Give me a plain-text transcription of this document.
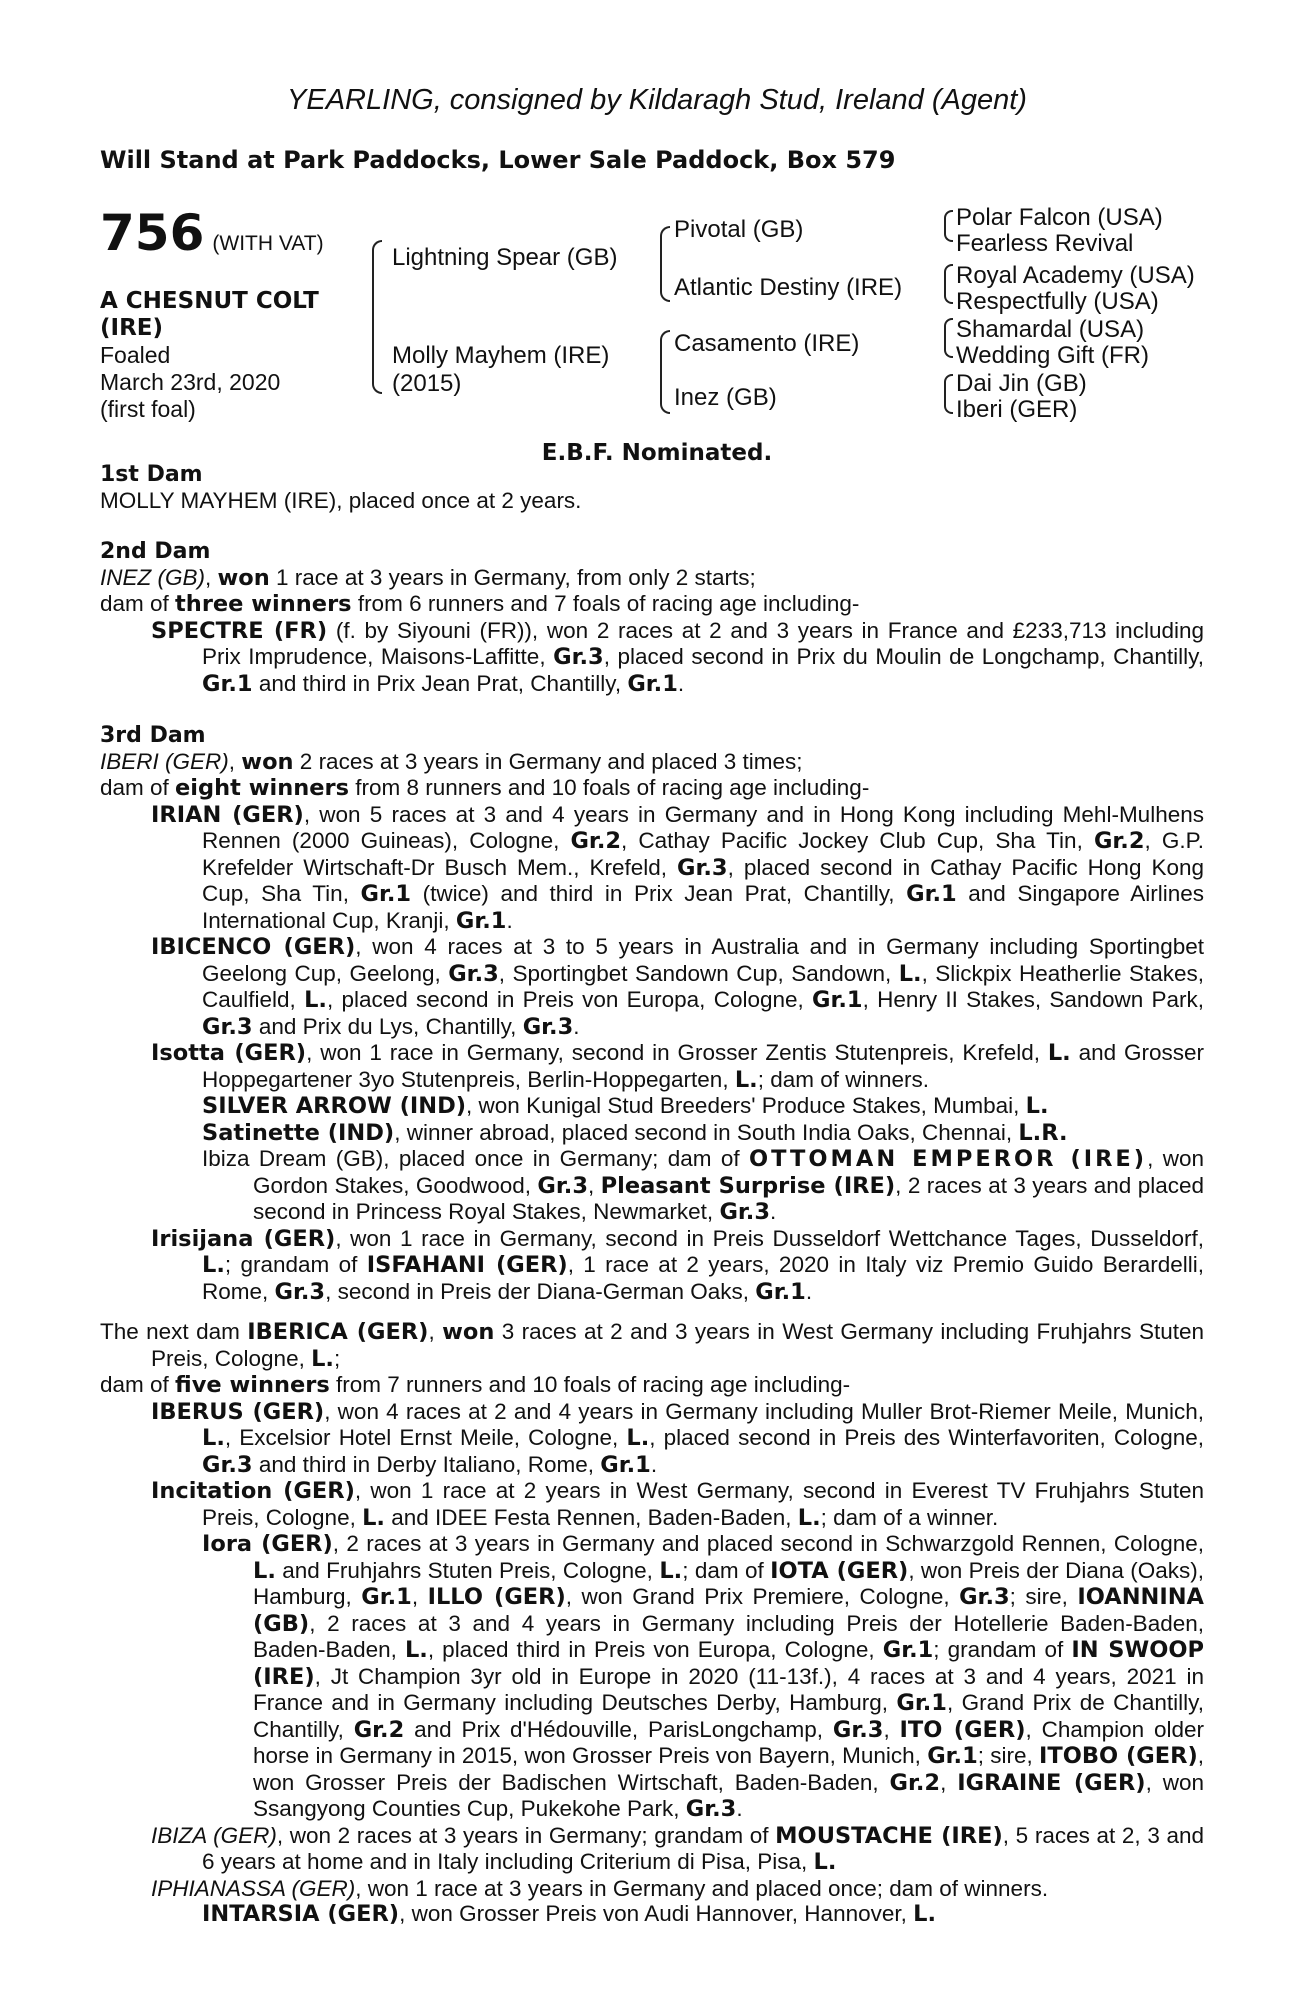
YEARLING, consigned by Kildaragh Stud, Ireland (Agent)
Will Stand at Park Paddocks, Lower Sale Paddock, Box 579
756 (WITH VAT)
A CHESNUT COLT
(IRE)
Foaled
March 23rd, 2020
(first foal)
Lightning Spear (GB)
Molly Mayhem (IRE)
(2015)
Pivotal (GB)
Atlantic Destiny (IRE)
Casamento (IRE)
Inez (GB)
Polar Falcon (USA)
Fearless Revival
Royal Academy (USA)
Respectfully (USA)
Shamardal (USA)
Wedding Gift (FR)
Dai Jin (GB)
Iberi (GER)
E.B.F. Nominated.
1st Dam
MOLLY MAYHEM (IRE), placed once at 2 years.
2nd Dam
INEZ (GB), won 1 race at 3 years in Germany, from only 2 starts;
dam of three winners from 6 runners and 7 foals of racing age including-
SPECTRE (FR) (f. by Siyouni (FR)), won 2 races at 2 and 3 years in France and £233,713 including Prix Imprudence, Maisons-Laffitte, Gr.3, placed second in Prix du Moulin de Longchamp, Chantilly, Gr.1 and third in Prix Jean Prat, Chantilly, Gr.1.
3rd Dam
IBERI (GER), won 2 races at 3 years in Germany and placed 3 times;
dam of eight winners from 8 runners and 10 foals of racing age including-
IRIAN (GER), won 5 races at 3 and 4 years in Germany and in Hong Kong including Mehl-Mulhens Rennen (2000 Guineas), Cologne, Gr.2, Cathay Pacific Jockey Club Cup, Sha Tin, Gr.2, G.P. Krefelder Wirtschaft-Dr Busch Mem., Krefeld, Gr.3, placed second in Cathay Pacific Hong Kong Cup, Sha Tin, Gr.1 (twice) and third in Prix Jean Prat, Chantilly, Gr.1 and Singapore Airlines International Cup, Kranji, Gr.1.
IBICENCO (GER), won 4 races at 3 to 5 years in Australia and in Germany including Sportingbet Geelong Cup, Geelong, Gr.3, Sportingbet Sandown Cup, Sandown, L., Slickpix Heatherlie Stakes, Caulfield, L., placed second in Preis von Europa, Cologne, Gr.1, Henry II Stakes, Sandown Park, Gr.3 and Prix du Lys, Chantilly, Gr.3.
Isotta (GER), won 1 race in Germany, second in Grosser Zentis Stutenpreis, Krefeld, L. and Grosser Hoppegartener 3yo Stutenpreis, Berlin-Hoppegarten, L.; dam of winners.
SILVER ARROW (IND), won Kunigal Stud Breeders' Produce Stakes, Mumbai, L.
Satinette (IND), winner abroad, placed second in South India Oaks, Chennai, L.R.
Ibiza Dream (GB), placed once in Germany; dam of OTTOMAN EMPEROR (IRE), won Gordon Stakes, Goodwood, Gr.3, Pleasant Surprise (IRE), 2 races at 3 years and placed second in Princess Royal Stakes, Newmarket, Gr.3.
Irisijana (GER), won 1 race in Germany, second in Preis Dusseldorf Wettchance Tages, Dusseldorf, L.; grandam of ISFAHANI (GER), 1 race at 2 years, 2020 in Italy viz Premio Guido Berardelli, Rome, Gr.3, second in Preis der Diana-German Oaks, Gr.1.
The next dam IBERICA (GER), won 3 races at 2 and 3 years in West Germany including Fruhjahrs Stuten Preis, Cologne, L.;
dam of five winners from 7 runners and 10 foals of racing age including-
IBERUS (GER), won 4 races at 2 and 4 years in Germany including Muller Brot-Riemer Meile, Munich, L., Excelsior Hotel Ernst Meile, Cologne, L., placed second in Preis des Winterfavoriten, Cologne, Gr.3 and third in Derby Italiano, Rome, Gr.1.
Incitation (GER), won 1 race at 2 years in West Germany, second in Everest TV Fruhjahrs Stuten Preis, Cologne, L. and IDEE Festa Rennen, Baden-Baden, L.; dam of a winner.
Iora (GER), 2 races at 3 years in Germany and placed second in Schwarzgold Rennen, Cologne, L. and Fruhjahrs Stuten Preis, Cologne, L.; dam of IOTA (GER), won Preis der Diana (Oaks), Hamburg, Gr.1, ILLO (GER), won Grand Prix Premiere, Cologne, Gr.3; sire, IOANNINA (GB), 2 races at 3 and 4 years in Germany including Preis der Hotellerie Baden-Baden, Baden-Baden, L., placed third in Preis von Europa, Cologne, Gr.1; grandam of IN SWOOP (IRE), Jt Champion 3yr old in Europe in 2020 (11-13f.), 4 races at 3 and 4 years, 2021 in France and in Germany including Deutsches Derby, Hamburg, Gr.1, Grand Prix de Chantilly, Chantilly, Gr.2 and Prix d'Hédouville, ParisLongchamp, Gr.3, ITO (GER), Champion older horse in Germany in 2015, won Grosser Preis von Bayern, Munich, Gr.1; sire, ITOBO (GER), won Grosser Preis der Badischen Wirtschaft, Baden-Baden, Gr.2, IGRAINE (GER), won Ssangyong Counties Cup, Pukekohe Park, Gr.3.
IBIZA (GER), won 2 races at 3 years in Germany; grandam of MOUSTACHE (IRE), 5 races at 2, 3 and 6 years at home and in Italy including Criterium di Pisa, Pisa, L.
IPHIANASSA (GER), won 1 race at 3 years in Germany and placed once; dam of winners.
INTARSIA (GER), won Grosser Preis von Audi Hannover, Hannover, L.
